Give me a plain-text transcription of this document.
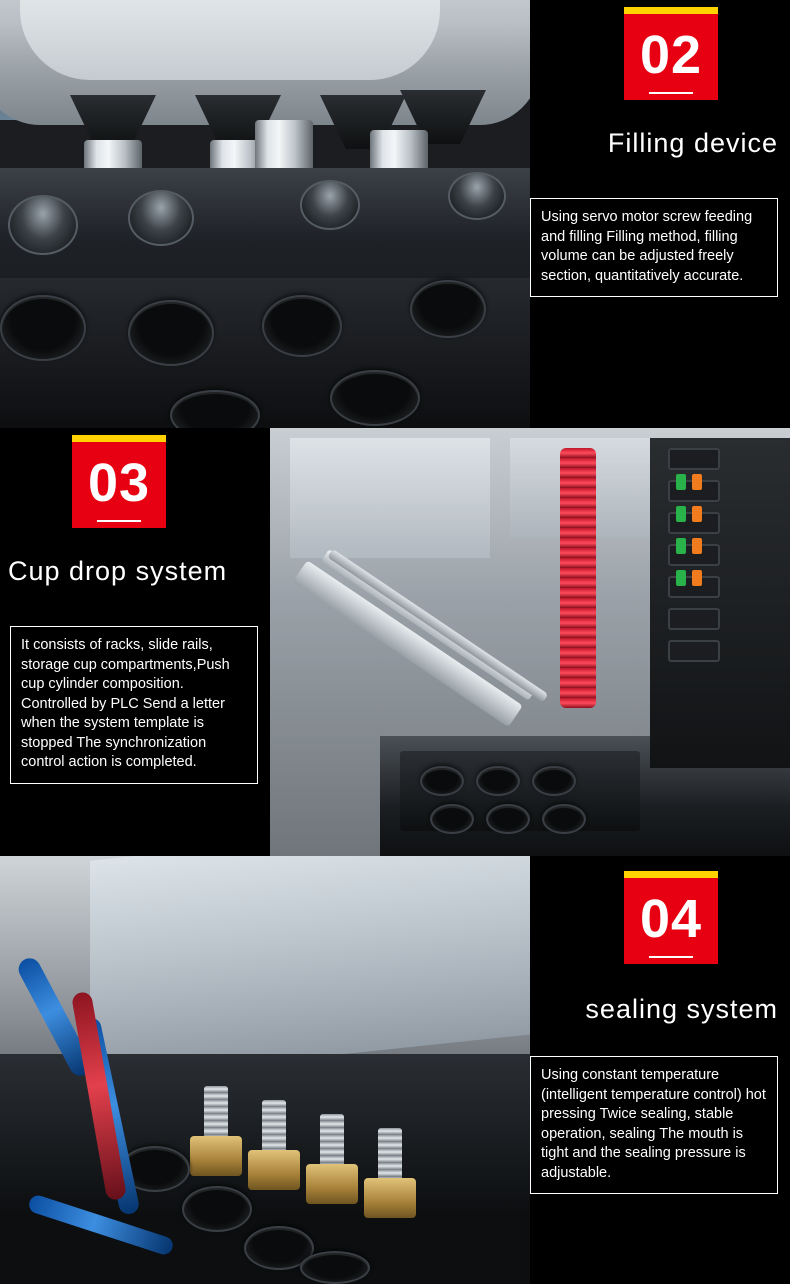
02
Filling device
Using servo motor screw feeding and filling Filling method, filling volume can be adjusted freely section, quantitatively accurate.
03
Cup drop system
It consists of racks, slide rails, storage cup compartments,Push cup cylinder composition. Controlled by PLC Send a letter when the system template is stopped The synchronization control action is completed.
04
sealing system
Using constant temperature (intelligent temperature control) hot pressing Twice sealing, stable operation, sealing The mouth is tight and the sealing pressure is adjustable.
